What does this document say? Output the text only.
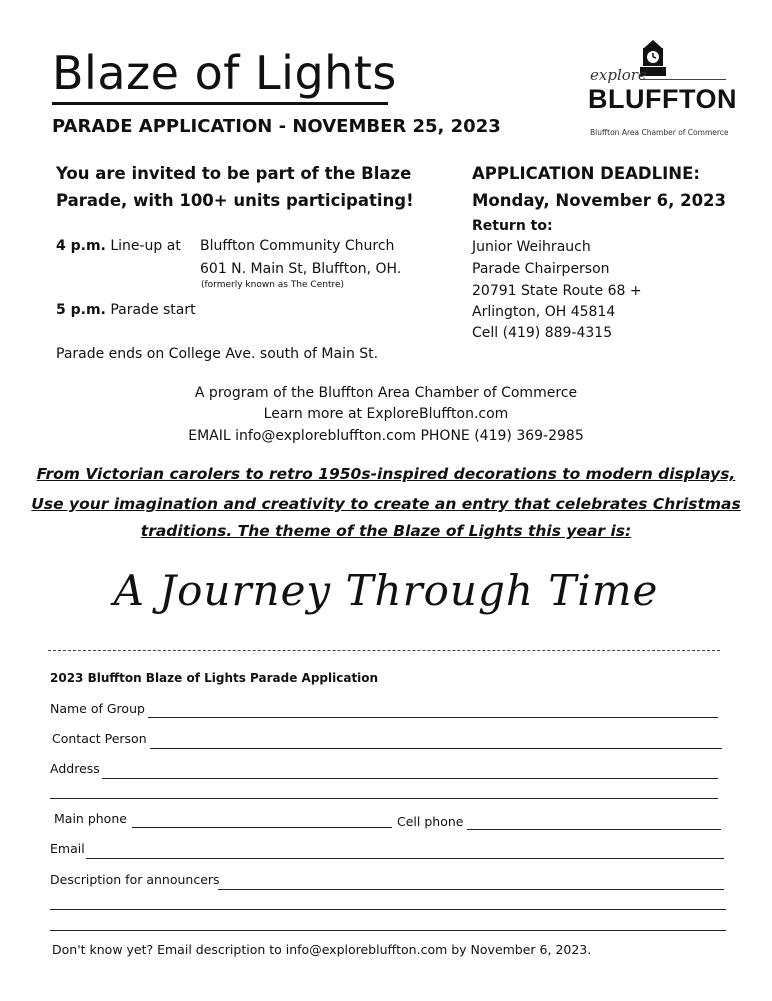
Blaze of Lights
PARADE APPLICATION - NOVEMBER 25, 2023
explore
BLUFFTON
Bluffton Area Chamber of Commerce
You are invited to be part of the Blaze Parade, with 100+ units participating!
4 p.m. Line-up at Bluffton Community Church
601 N. Main St, Bluffton, OH.
(formerly known as The Centre)
5 p.m. Parade start
Parade ends on College Ave. south of Main St.
APPLICATION DEADLINE:
Monday, November 6, 2023
Return to:
Junior Weihrauch
Parade Chairperson
20791 State Route 68 +
Arlington, OH 45814
Cell (419) 889-4315
A program of the Bluffton Area Chamber of Commerce
Learn more at ExploreBluffton.com
EMAIL info@explorebluffton.com PHONE (419) 369-2985
From Victorian carolers to retro 1950s-inspired decorations to modern displays,
Use your imagination and creativity to create an entry that celebrates Christmas
traditions. The theme of the Blaze of Lights this year is:
A Journey Through Time
2023 Bluffton Blaze of Lights Parade Application
Name of Group
Contact Person
Address
Main phone	Cell phone
Email
Description for announcers
Don't know yet? Email description to info@explorebluffton.com by November 6, 2023.
